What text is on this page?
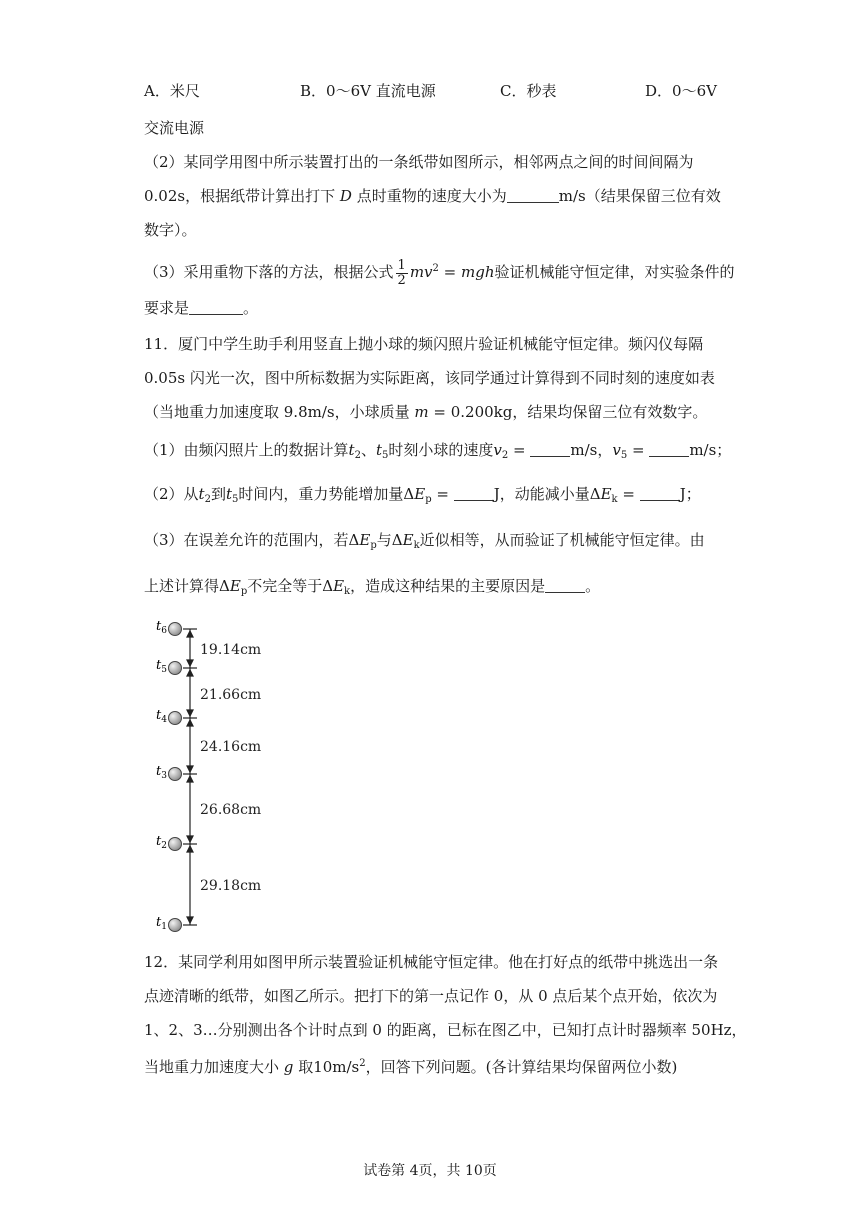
A．米尺	B．0～6V 直流电源	C．秒表	D．0～6V
交流电源
（2）某同学用图中所示装置打出的一条纸带如图所示，相邻两点之间的时间间隔为
0.02s，根据纸带计算出打下 D 点时重物的速度大小为	m/s（结果保留三位有效
数字）。
（3）采用重物下落的方法，根据公式 $\frac{1}{2} mv^2$ = mgh验证机械能守恒定律，对实验条件的
要求是	。
11．厦门中学生助手利用竖直上抛小球的频闪照片验证机械能守恒定律。频闪仪每隔
0.05s 闪光一次，图中所标数据为实际距离，该同学通过计算得到不同时刻的速度如表
（当地重力加速度取 9.8m/s，小球质量 m = 0.200kg，结果均保留三位有效数字。
（1）由频闪照片上的数据计算$t_2$、$t_5$时刻小球的速度$v_2$ =	m/s，$v_5$ =	m/s；
（2）从$t_2$到$t_5$时间内，重力势能增加量$\Delta E_p$ =	J，动能减小量$\Delta E_k$ =	J；
（3）在误差允许的范围内，若$\Delta E_p$与$\Delta E_k$近似相等，从而验证了机械能守恒定律。由
上述计算得$\Delta E_p$不完全等于$\Delta E_k$，造成这种结果的主要原因是	。
$t_6$
$t_5$
$t_4$
$t_3$
$t_2$
$t_1$
19.14cm
21.66cm
24.16cm
26.68cm
29.18cm
12．某同学利用如图甲所示装置验证机械能守恒定律。他在打好点的纸带中挑选出一条
点迹清晰的纸带，如图乙所示。把打下的第一点记作 0，从 0 点后某个点开始，依次为
1、2、3…分别测出各个计时点到 0 的距离，已标在图乙中，已知打点计时器频率 50Hz，
当地重力加速度大小 g 取$10m/s^2$，回答下列问题。(各计算结果均保留两位小数)
试卷第 4页，共 10页
